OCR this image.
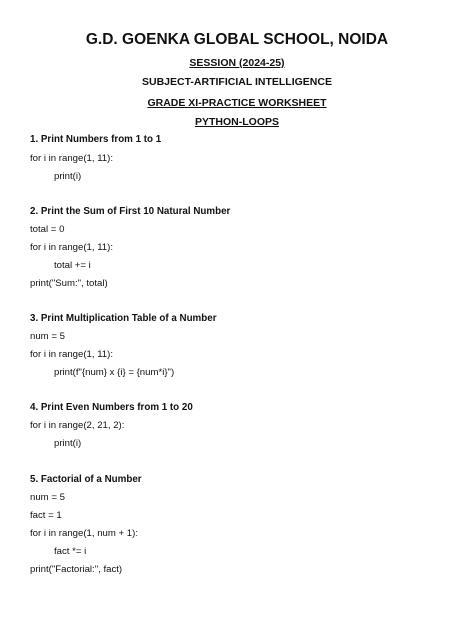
G.D. GOENKA GLOBAL SCHOOL, NOIDA
SESSION (2024-25)
SUBJECT-ARTIFICIAL INTELLIGENCE
GRADE XI-PRACTICE WORKSHEET
PYTHON-LOOPS
1. Print Numbers from 1 to 1
for i in range(1, 11):
print(i)
2. Print the Sum of First 10 Natural Number
total = 0
for i in range(1, 11):
total += i
print("Sum:", total)
3. Print Multiplication Table of a Number
num = 5
for i in range(1, 11):
print(f"{num} x {i} = {num*i}")
4. Print Even Numbers from 1 to 20
for i in range(2, 21, 2):
print(i)
5. Factorial of a Number
num = 5
fact = 1
for i in range(1, num + 1):
fact *= i
print("Factorial:", fact)
